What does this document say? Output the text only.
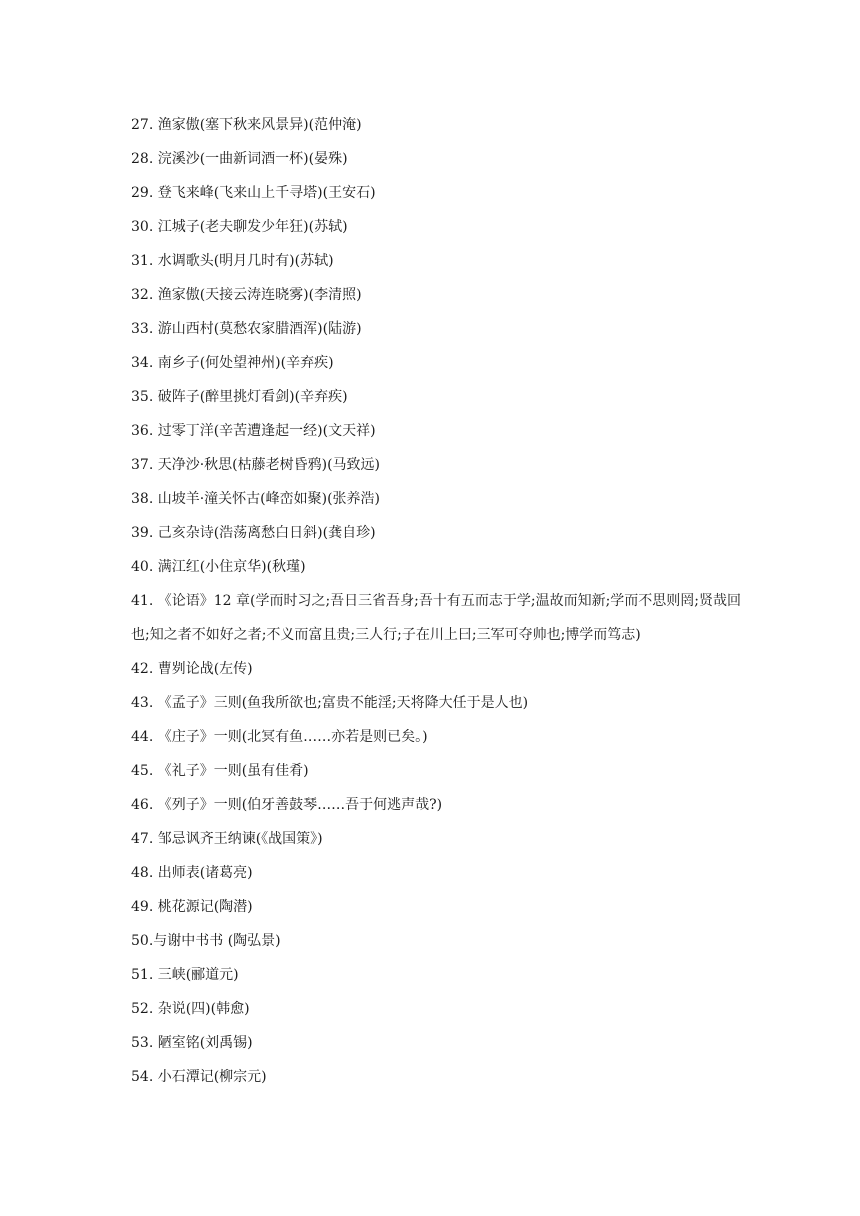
27. 渔家傲(塞下秋来风景异)(范仲淹)
28. 浣溪沙(一曲新词酒一杯)(晏殊)
29. 登飞来峰(飞来山上千寻塔)(王安石)
30. 江城子(老夫聊发少年狂)(苏轼)
31. 水调歌头(明月几时有)(苏轼)
32. 渔家傲(天接云涛连晓雾)(李清照)
33. 游山西村(莫愁农家腊酒浑)(陆游)
34. 南乡子(何处望神州)(辛弃疾)
35. 破阵子(醉里挑灯看剑)(辛弃疾)
36. 过零丁洋(辛苦遭逢起一经)(文天祥)
37. 天净沙·秋思(枯藤老树昏鸦)(马致远)
38. 山坡羊·潼关怀古(峰峦如聚)(张养浩)
39. 己亥杂诗(浩荡离愁白日斜)(龚自珍)
40. 满江红(小住京华)(秋瑾)
41. 《论语》12 章(学而时习之;吾日三省吾身;吾十有五而志于学;温故而知新;学而不思则罔;贤哉回也;知之者不如好之者;不义而富且贵;三人行;子在川上曰;三军可夺帅也;博学而笃志)
42. 曹刿论战(左传)
43. 《孟子》三则(鱼我所欲也;富贵不能淫;天将降大任于是人也)
44. 《庄子》一则(北冥有鱼……亦若是则已矣。)
45. 《礼子》一则(虽有佳肴)
46. 《列子》一则(伯牙善鼓琴……吾于何逃声哉?)
47. 邹忌讽齐王纳谏(《战国策》)
48. 出师表(诸葛亮)
49. 桃花源记(陶潜)
50.与谢中书书 (陶弘景)
51. 三峡(郦道元)
52. 杂说(四)(韩愈)
53. 陋室铭(刘禹锡)
54. 小石潭记(柳宗元)
